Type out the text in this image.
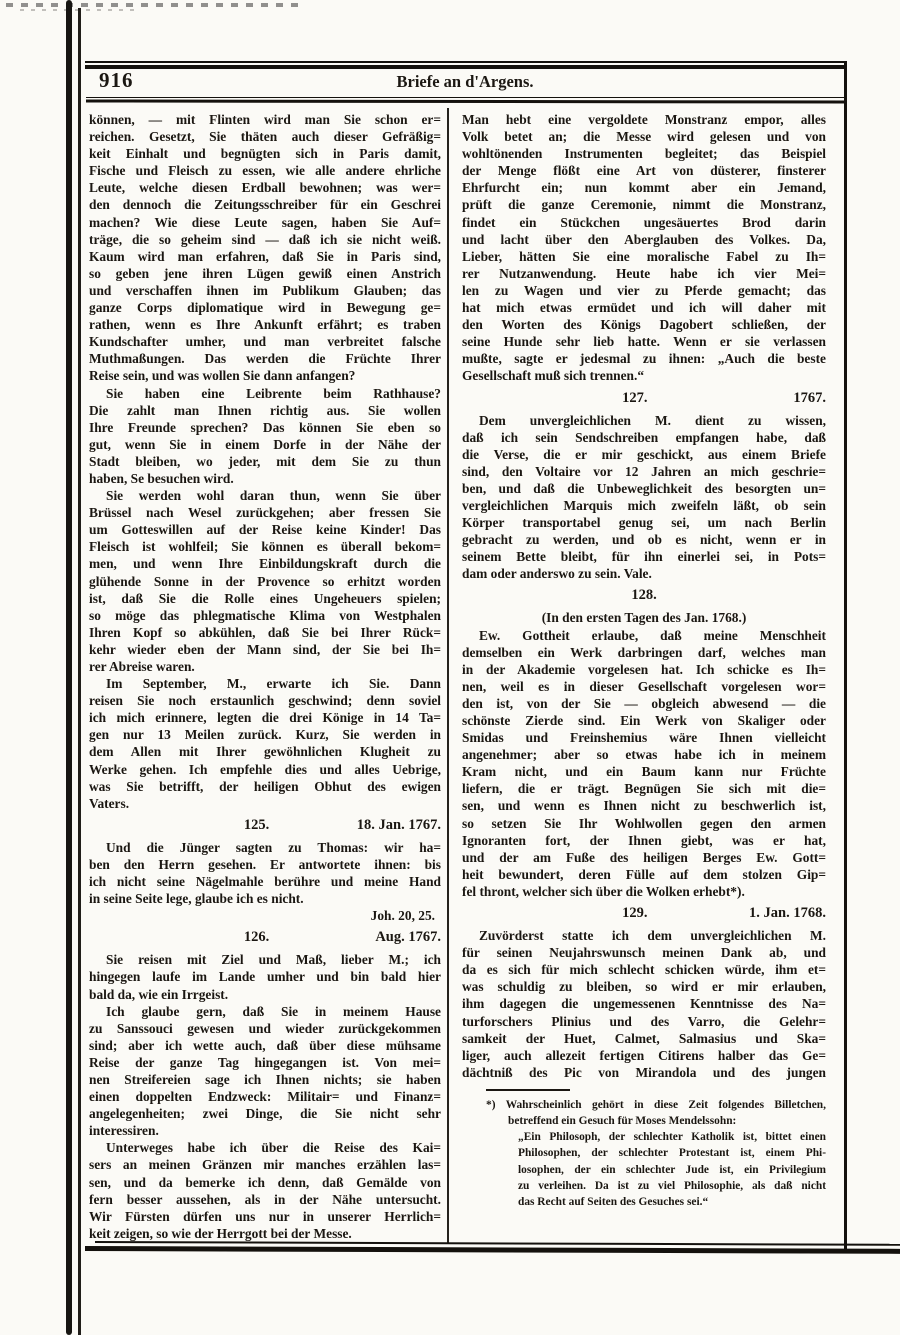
916	Briefe an d'Argens.
können, — mit Flinten wird man Sie schon er=
reichen. Gesetzt, Sie thäten auch dieser Gefräßig=
keit Einhalt und begnügten sich in Paris damit,
Fische und Fleisch zu essen, wie alle andere ehrliche
Leute, welche diesen Erdball bewohnen; was wer=
den dennoch die Zeitungsschreiber für ein Geschrei
machen? Wie diese Leute sagen, haben Sie Auf=
träge, die so geheim sind — daß ich sie nicht weiß.
Kaum wird man erfahren, daß Sie in Paris sind,
so geben jene ihren Lügen gewiß einen Anstrich
und verschaffen ihnen im Publikum Glauben; das
ganze Corps diplomatique wird in Bewegung ge=
rathen, wenn es Ihre Ankunft erfährt; es traben
Kundschafter umher, und man verbreitet falsche
Muthmaßungen. Das werden die Früchte Ihrer
Reise sein, und was wollen Sie dann anfangen?
Sie haben eine Leibrente beim Rathhause?
Die zahlt man Ihnen richtig aus. Sie wollen
Ihre Freunde sprechen? Das können Sie eben so
gut, wenn Sie in einem Dorfe in der Nähe der
Stadt bleiben, wo jeder, mit dem Sie zu thun
haben, Se besuchen wird.
Sie werden wohl daran thun, wenn Sie über
Brüssel nach Wesel zurückgehen; aber fressen Sie
um Gotteswillen auf der Reise keine Kinder! Das
Fleisch ist wohlfeil; Sie können es überall bekom=
men, und wenn Ihre Einbildungskraft durch die
glühende Sonne in der Provence so erhitzt worden
ist, daß Sie die Rolle eines Ungeheuers spielen;
so möge das phlegmatische Klima von Westphalen
Ihren Kopf so abkühlen, daß Sie bei Ihrer Rück=
kehr wieder eben der Mann sind, der Sie bei Ih=
rer Abreise waren.
Im September, M., erwarte ich Sie. Dann
reisen Sie noch erstaunlich geschwind; denn soviel
ich mich erinnere, legten die drei Könige in 14 Ta=
gen nur 13 Meilen zurück. Kurz, Sie werden in
dem Allen mit Ihrer gewöhnlichen Klugheit zu
Werke gehen. Ich empfehle dies und alles Uebrige,
was Sie betrifft, der heiligen Obhut des ewigen
Vaters.
125.	18. Jan. 1767.
Und die Jünger sagten zu Thomas: wir ha=
ben den Herrn gesehen. Er antwortete ihnen: bis
ich nicht seine Nägelmahle berühre und meine Hand
in seine Seite lege, glaube ich es nicht.
Joh. 20, 25.
126.	Aug. 1767.
Sie reisen mit Ziel und Maß, lieber M.; ich
hingegen laufe im Lande umher und bin bald hier
bald da, wie ein Irrgeist.
Ich glaube gern, daß Sie in meinem Hause
zu Sanssouci gewesen und wieder zurückgekommen
sind; aber ich wette auch, daß über diese mühsame
Reise der ganze Tag hingegangen ist. Von mei=
nen Streifereien sage ich Ihnen nichts; sie haben
einen doppelten Endzweck: Militair= und Finanz=
angelegenheiten; zwei Dinge, die Sie nicht sehr
interessiren.
Unterweges habe ich über die Reise des Kai=
sers an meinen Gränzen mir manches erzählen las=
sen, und da bemerke ich denn, daß Gemälde von
fern besser aussehen, als in der Nähe untersucht.
Wir Fürsten dürfen uns nur in unserer Herrlich=
keit zeigen, so wie der Herrgott bei der Messe.
Man hebt eine vergoldete Monstranz empor, alles
Volk betet an; die Messe wird gelesen und von
wohltönenden Instrumenten begleitet; das Beispiel
der Menge flößt eine Art von düsterer, finsterer
Ehrfurcht ein; nun kommt aber ein Jemand,
prüft die ganze Ceremonie, nimmt die Monstranz,
findet ein Stückchen ungesäuertes Brod darin
und lacht über den Aberglauben des Volkes. Da,
Lieber, hätten Sie eine moralische Fabel zu Ih=
rer Nutzanwendung. Heute habe ich vier Mei=
len zu Wagen und vier zu Pferde gemacht; das
hat mich etwas ermüdet und ich will daher mit
den Worten des Königs Dagobert schließen, der
seine Hunde sehr lieb hatte. Wenn er sie verlassen
mußte, sagte er jedesmal zu ihnen: „Auch die beste
Gesellschaft muß sich trennen.“
127.	1767.
Dem unvergleichlichen M. dient zu wissen,
daß ich sein Sendschreiben empfangen habe, daß
die Verse, die er mir geschickt, aus einem Briefe
sind, den Voltaire vor 12 Jahren an mich geschrie=
ben, und daß die Unbeweglichkeit des besorgten un=
vergleichlichen Marquis mich zweifeln läßt, ob sein
Körper transportabel genug sei, um nach Berlin
gebracht zu werden, und ob es nicht, wenn er in
seinem Bette bleibt, für ihn einerlei sei, in Pots=
dam oder anderswo zu sein. Vale.
128.
(In den ersten Tagen des Jan. 1768.)
Ew. Gottheit erlaube, daß meine Menschheit
demselben ein Werk darbringen darf, welches man
in der Akademie vorgelesen hat. Ich schicke es Ih=
nen, weil es in dieser Gesellschaft vorgelesen wor=
den ist, von der Sie — obgleich abwesend — die
schönste Zierde sind. Ein Werk von Skaliger oder
Smidas und Freinshemius wäre Ihnen vielleicht
angenehmer; aber so etwas habe ich in meinem
Kram nicht, und ein Baum kann nur Früchte
liefern, die er trägt. Begnügen Sie sich mit die=
sen, und wenn es Ihnen nicht zu beschwerlich ist,
so setzen Sie Ihr Wohlwollen gegen den armen
Ignoranten fort, der Ihnen giebt, was er hat,
und der am Fuße des heiligen Berges Ew. Gott=
heit bewundert, deren Fülle auf dem stolzen Gip=
fel thront, welcher sich über die Wolken erhebt*).
129.	1. Jan. 1768.
Zuvörderst statte ich dem unvergleichlichen M.
für seinen Neujahrswunsch meinen Dank ab, und
da es sich für mich schlecht schicken würde, ihm et=
was schuldig zu bleiben, so wird er mir erlauben,
ihm dagegen die ungemessenen Kenntnisse des Na=
turforschers Plinius und des Varro, die Gelehr=
samkeit der Huet, Calmet, Salmasius und Ska=
liger, auch allezeit fertigen Citirens halber das Ge=
dächtniß des Pic von Mirandola und des jungen
*) Wahrscheinlich gehört in diese Zeit folgendes Billetchen,
betreffend ein Gesuch für Moses Mendelssohn:
„Ein Philosoph, der schlechter Katholik ist, bittet einen
Philosophen, der schlechter Protestant ist, einem Phi-
losophen, der ein schlechter Jude ist, ein Privilegium
zu verleihen. Da ist zu viel Philosophie, als daß nicht
das Recht auf Seiten des Gesuches sei.“
